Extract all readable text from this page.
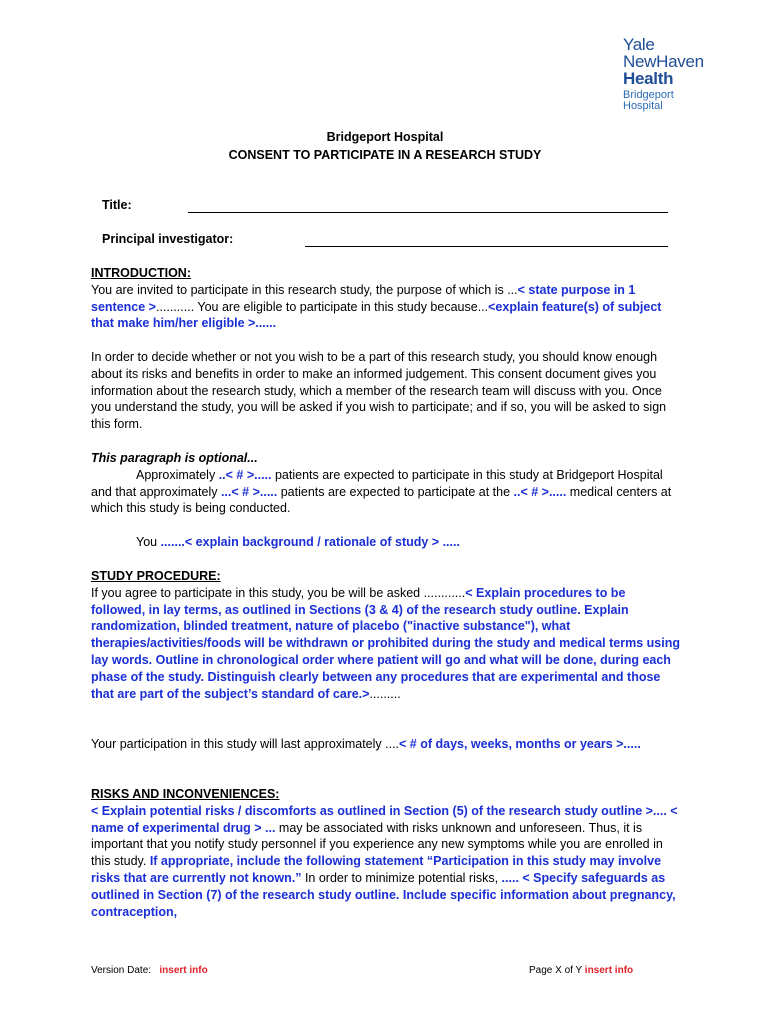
Yale
NewHaven
Health
Bridgeport
Hospital
Bridgeport Hospital
CONSENT TO PARTICIPATE IN A RESEARCH STUDY
Title:
Principal investigator:
INTRODUCTION:
You are invited to participate in this research study, the purpose of which is ...< state purpose in 1 sentence >........... You are eligible to participate in this study because...<explain feature(s) of subject that make him/her eligible >......
In order to decide whether or not you wish to be a part of this research study, you should know enough about its risks and benefits in order to make an informed judgement. This consent document gives you information about the research study, which a member of the research team will discuss with you. Once you understand the study, you will be asked if you wish to participate; and if so, you will be asked to sign this form.
This paragraph is optional...
Approximately ..< # >..... patients are expected to participate in this study at Bridgeport Hospital and that approximately ...< # >..... patients are expected to participate at the ..< # >..... medical centers at which this study is being conducted.
You .......< explain background / rationale of study > .....
STUDY PROCEDURE:
If you agree to participate in this study, you be will be asked ............< Explain procedures to be followed, in lay terms, as outlined in Sections (3 & 4) of the research study outline. Explain randomization, blinded treatment, nature of placebo ("inactive substance"), what therapies/activities/foods will be withdrawn or prohibited during the study and medical terms using lay words. Outline in chronological order where patient will go and what will be done, during each phase of the study. Distinguish clearly between any procedures that are experimental and those that are part of the subject’s standard of care.>.........
Your participation in this study will last approximately ....< # of days, weeks, months or years >.....
RISKS AND INCONVENIENCES:
< Explain potential risks / discomforts as outlined in Section (5) of the research study outline >.... < name of experimental drug > ... may be associated with risks unknown and unforeseen. Thus, it is important that you notify study personnel if you experience any new symptoms while you are enrolled in this study. If appropriate, include the following statement “Participation in this study may involve risks that are currently not known.” In order to minimize potential risks, ..... < Specify safeguards as outlined in Section (7) of the research study outline. Include specific information about pregnancy, contraception,
Version Date: insert info	Page X of Y insert info
